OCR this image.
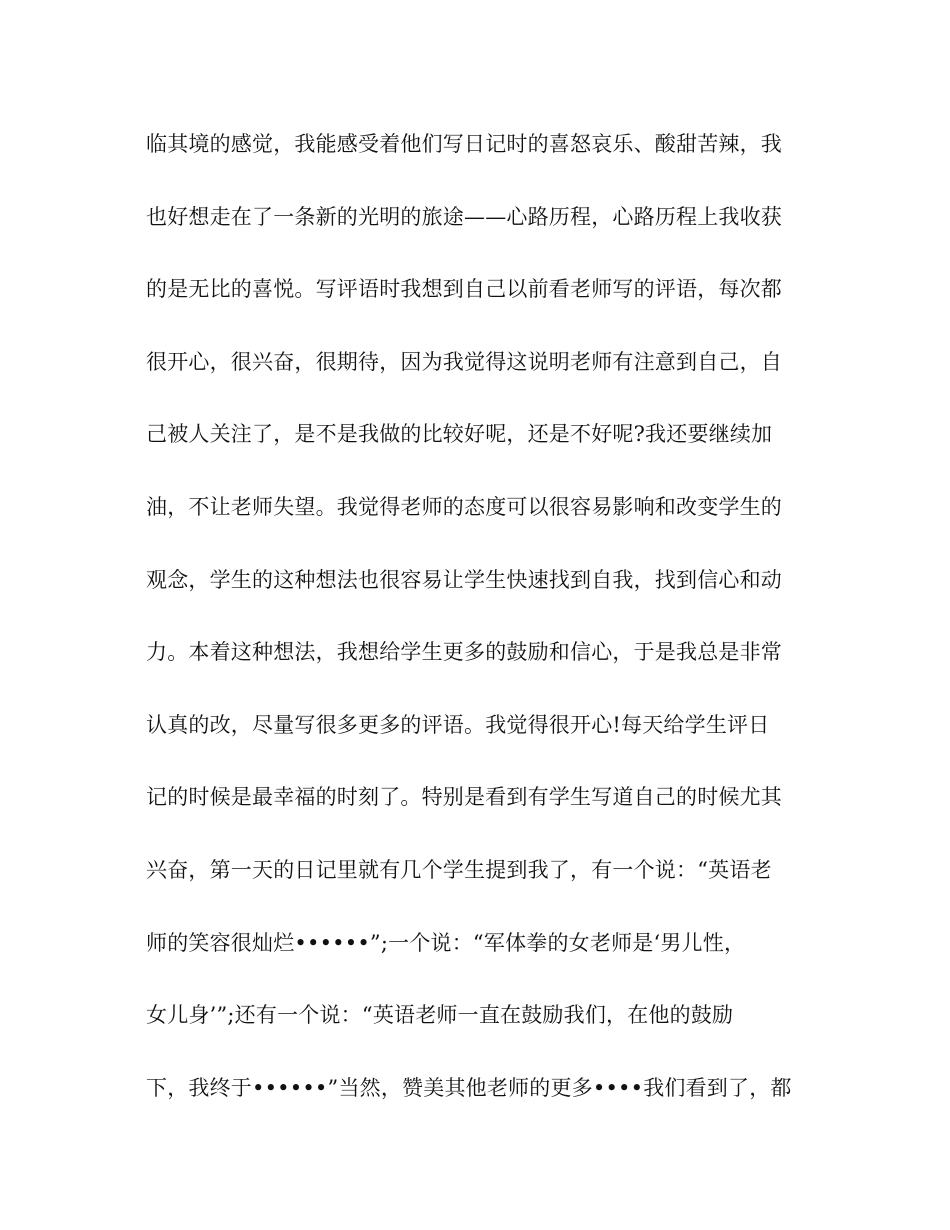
临其境的感觉，我能感受着他们写日记时的喜怒哀乐、酸甜苦辣，我
也好想走在了一条新的光明的旅途——心路历程，心路历程上我收获
的是无比的喜悦。写评语时我想到自己以前看老师写的评语，每次都
很开心，很兴奋，很期待，因为我觉得这说明老师有注意到自己，自
己被人关注了，是不是我做的比较好呢，还是不好呢?我还要继续加
油，不让老师失望。我觉得老师的态度可以很容易影响和改变学生的
观念，学生的这种想法也很容易让学生快速找到自我，找到信心和动
力。本着这种想法，我想给学生更多的鼓励和信心，于是我总是非常
认真的改，尽量写很多更多的评语。我觉得很开心!每天给学生评日
记的时候是最幸福的时刻了。特别是看到有学生写道自己的时候尤其
兴奋，第一天的日记里就有几个学生提到我了，有一个说：“英语老
师的笑容很灿烂••••••”;一个说：“军体拳的女老师是‘男儿性，
女儿身’”;还有一个说：“英语老师一直在鼓励我们，在他的鼓励
下，我终于••••••”当然，赞美其他老师的更多••••我们看到了，都
